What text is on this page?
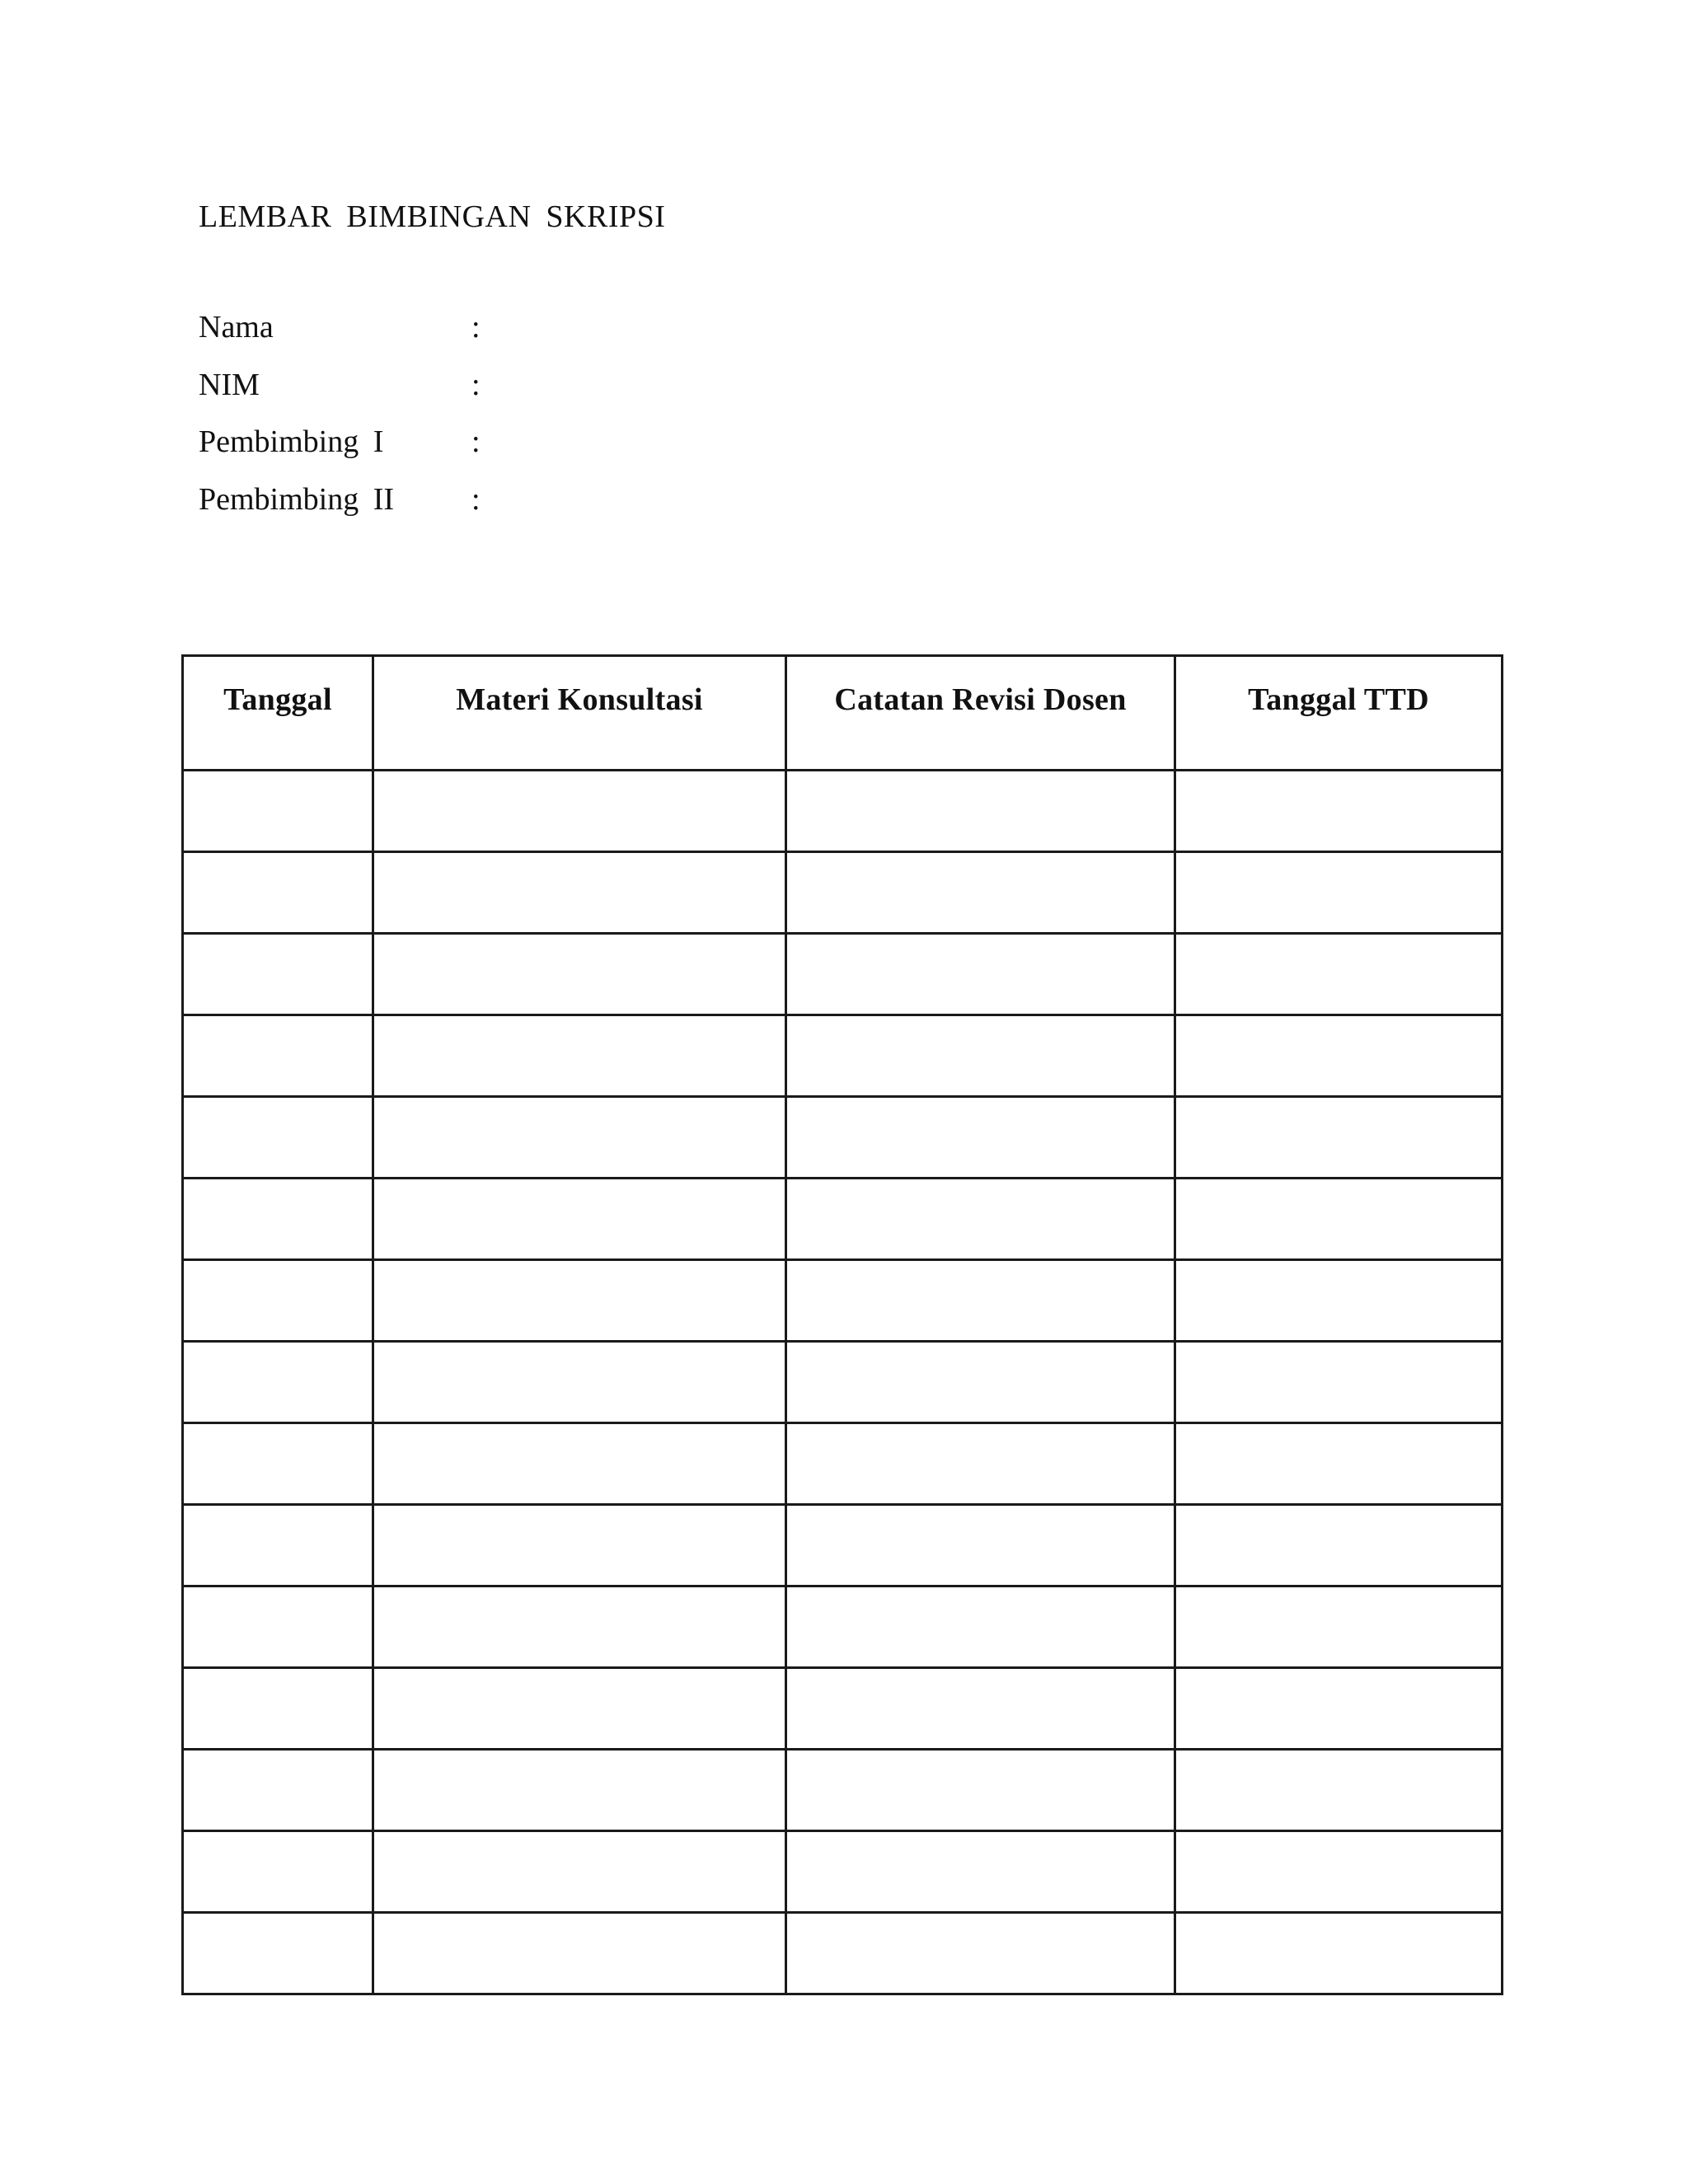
LEMBAR BIMBINGAN SKRIPSI
Nama	:
NIM	:
Pembimbing I	:
Pembimbing II :
Tanggal	Materi Konsultasi	Catatan Revisi Dosen	Tanggal TTD
